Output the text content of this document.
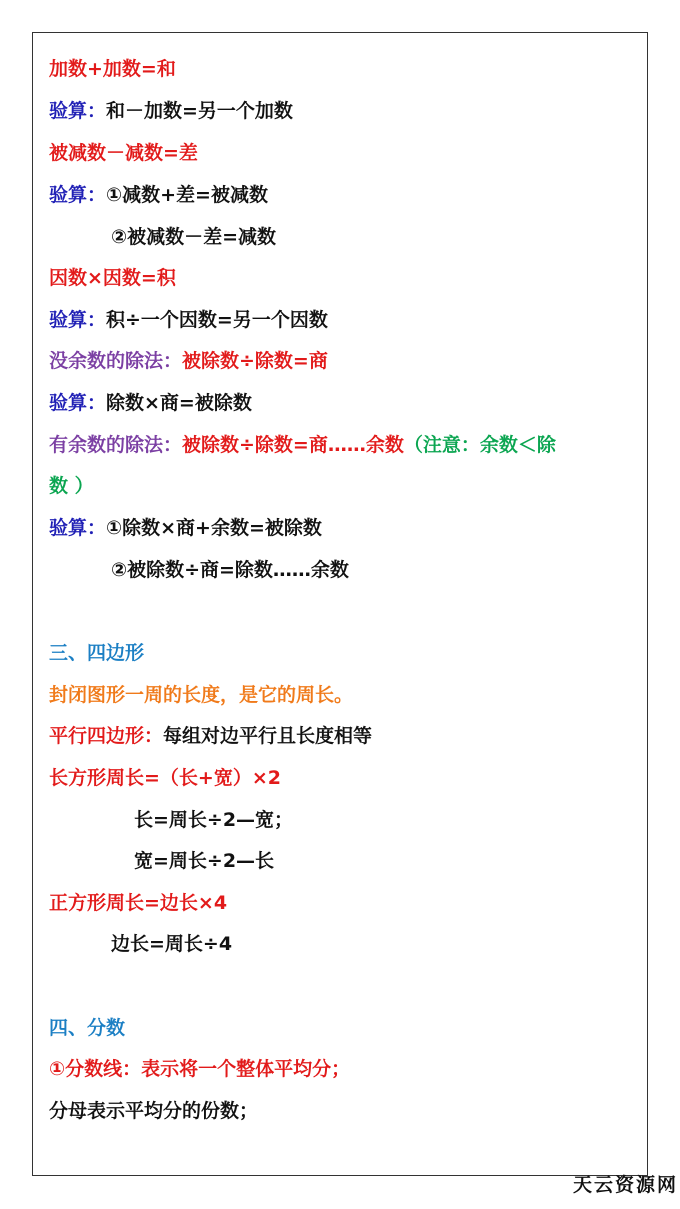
加数+加数=和
验算：和－加数=另一个加数
被减数－减数=差
验算：①减数+差=被减数
②被减数－差=减数
因数×因数=积
验算：积÷一个因数=另一个因数
没余数的除法：被除数÷除数=商
验算：除数×商=被除数
有余数的除法：被除数÷除数=商……余数（注意：余数＜除
数 ）
验算：①除数×商+余数=被除数
②被除数÷商=除数……余数
三、四边形
封闭图形一周的长度，是它的周长。
平行四边形：每组对边平行且长度相等
长方形周长=（长+宽）×2
长=周长÷2—宽；
宽=周长÷2—长
正方形周长=边长×4
边长=周长÷4
四、分数
①分数线：表示将一个整体平均分；
分母表示平均分的份数；
天云资源网
